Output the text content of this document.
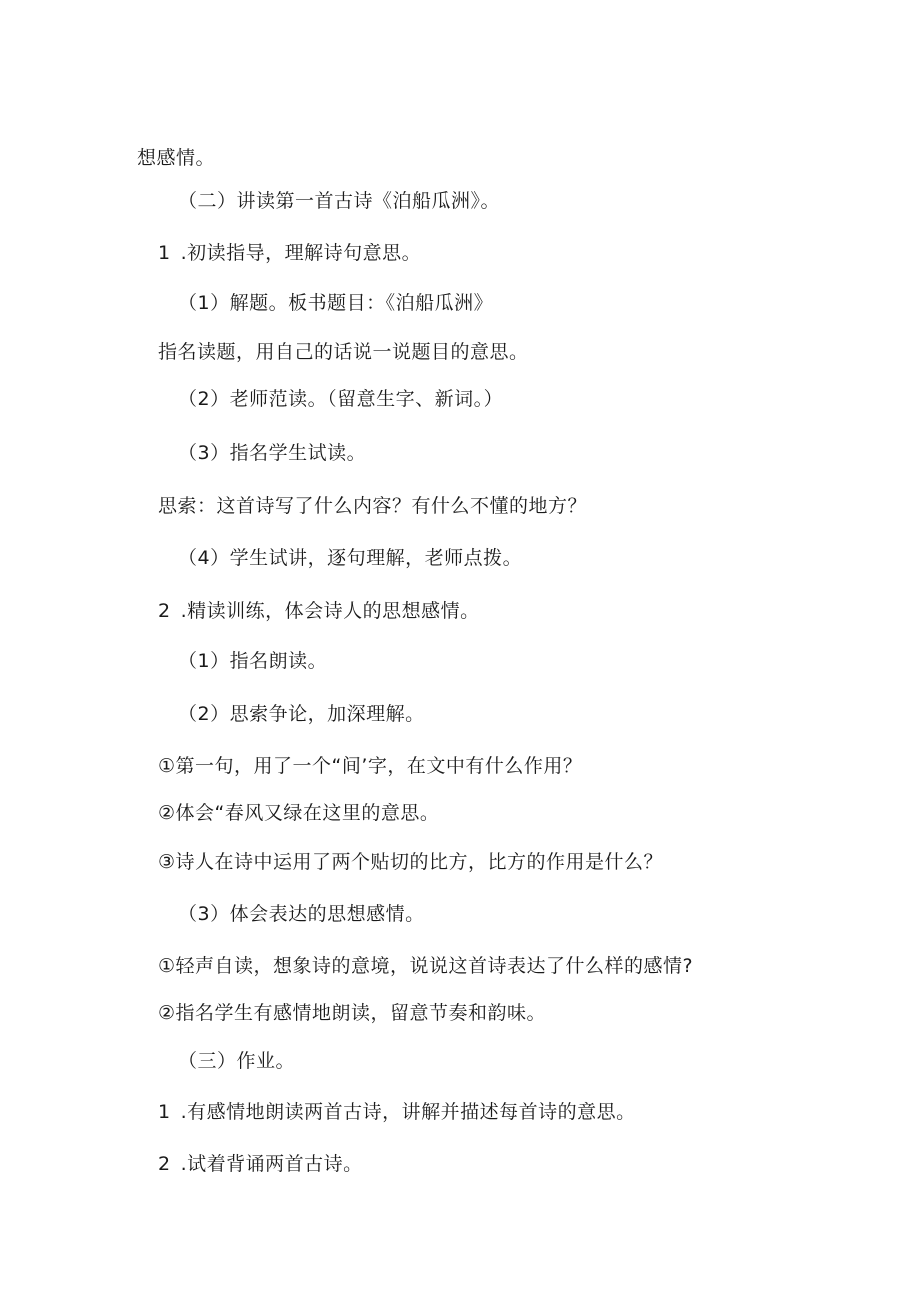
想感情。
（二）讲读第一首古诗《泊船瓜洲》。
1 .初读指导，理解诗句意思。
（1）解题。板书题目：《泊船瓜洲》
指名读题，用自己的话说一说题目的意思。
（2）老师范读。（留意生字、新词。）
（3）指名学生试读。
思索：这首诗写了什么内容？有什么不懂的地方？
（4）学生试讲，逐句理解，老师点拨。
2 .精读训练，体会诗人的思想感情。
（1）指名朗读。
（2）思索争论，加深理解。
①第一句，用了一个“间’字，在文中有什么作用？
②体会“春风又绿在这里的意思。
③诗人在诗中运用了两个贴切的比方，比方的作用是什么？
（3）体会表达的思想感情。
①轻声自读，想象诗的意境，说说这首诗表达了什么样的感情?
②指名学生有感情地朗读，留意节奏和韵味。
（三）作业。
1 .有感情地朗读两首古诗，讲解并描述每首诗的意思。
2 .试着背诵两首古诗。
